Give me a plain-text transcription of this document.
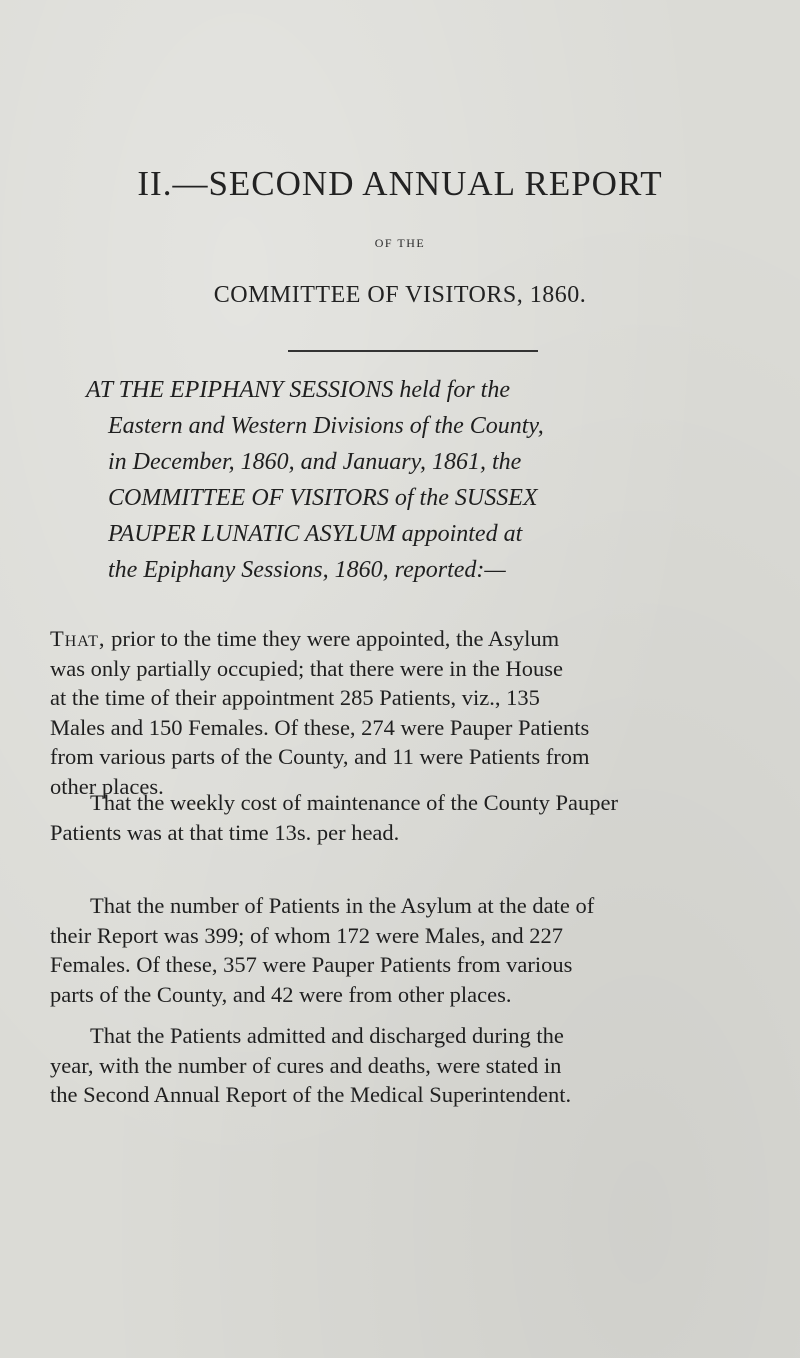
II.—SECOND ANNUAL REPORT
OF THE
COMMITTEE OF VISITORS, 1860.
AT THE EPIPHANY SESSIONS held for the
Eastern and Western Divisions of the County,
in December, 1860, and January, 1861, the
COMMITTEE OF VISITORS of the SUSSEX
PAUPER LUNATIC ASYLUM appointed at
the Epiphany Sessions, 1860, reported:—
That, prior to the time they were appointed, the Asylum
was only partially occupied; that there were in the House
at the time of their appointment 285 Patients, viz., 135
Males and 150 Females. Of these, 274 were Pauper Patients
from various parts of the County, and 11 were Patients from
other places.
That the weekly cost of maintenance of the County Pauper
Patients was at that time 13s. per head.
That the number of Patients in the Asylum at the date of
their Report was 399; of whom 172 were Males, and 227
Females. Of these, 357 were Pauper Patients from various
parts of the County, and 42 were from other places.
That the Patients admitted and discharged during the
year, with the number of cures and deaths, were stated in
the Second Annual Report of the Medical Superintendent.
